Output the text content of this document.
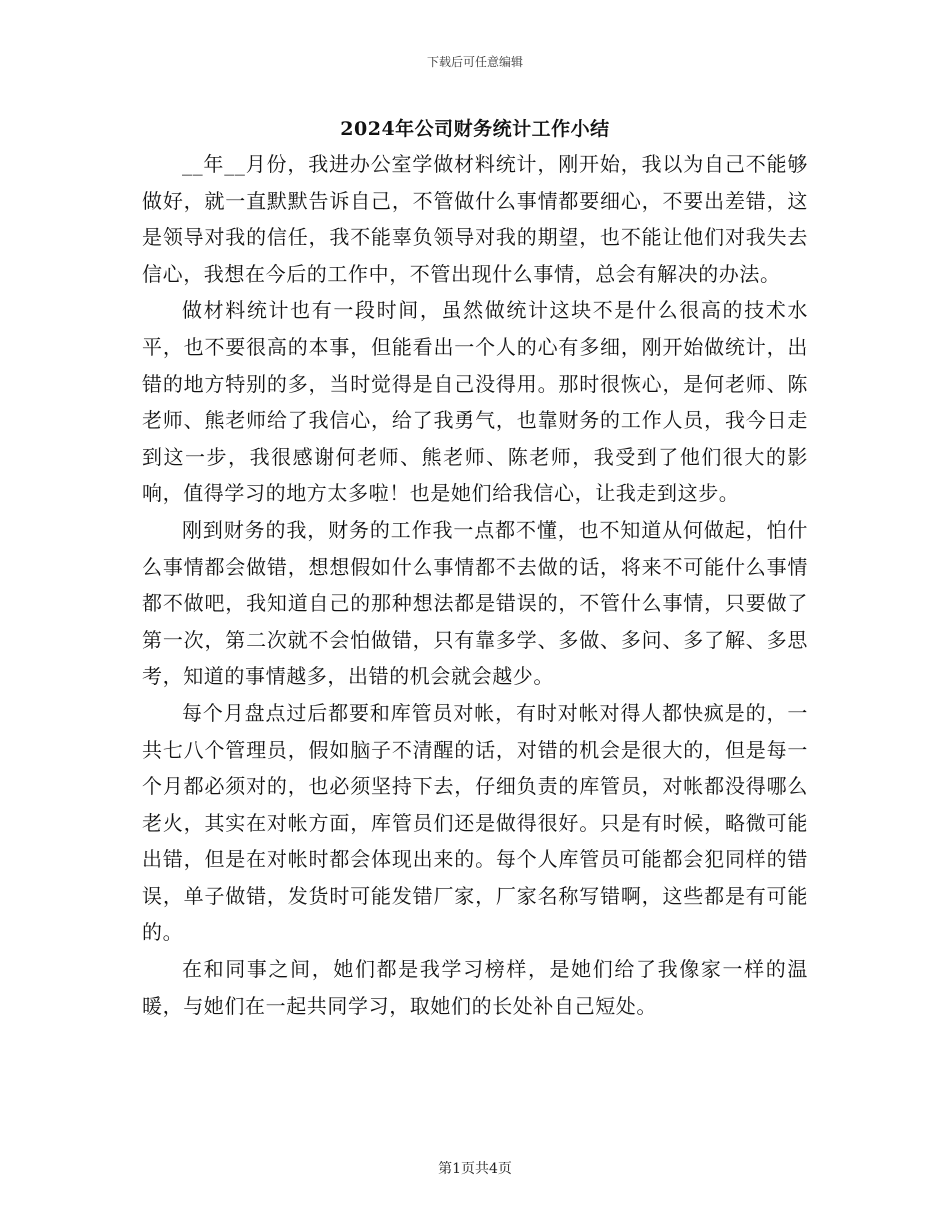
下载后可任意编辑
2024年公司财务统计工作小结

__年__月份，我进办公室学做材料统计，刚开始，我以为自己不能够做好，就一直默默告诉自己，不管做什么事情都要细心，不要出差错，这是领导对我的信任，我不能辜负领导对我的期望，也不能让他们对我失去信心，我想在今后的工作中，不管出现什么事情，总会有解决的办法。

做材料统计也有一段时间，虽然做统计这块不是什么很高的技术水平，也不要很高的本事，但能看出一个人的心有多细，刚开始做统计，出错的地方特别的多，当时觉得是自己没得用。那时很恢心，是何老师、陈老师、熊老师给了我信心，给了我勇气，也靠财务的工作人员，我今日走到这一步，我很感谢何老师、熊老师、陈老师，我受到了他们很大的影响，值得学习的地方太多啦！也是她们给我信心，让我走到这步。

刚到财务的我，财务的工作我一点都不懂，也不知道从何做起，怕什么事情都会做错，想想假如什么事情都不去做的话，将来不可能什么事情都不做吧，我知道自己的那种想法都是错误的，不管什么事情，只要做了第一次，第二次就不会怕做错，只有靠多学、多做、多问、多了解、多思考，知道的事情越多，出错的机会就会越少。

每个月盘点过后都要和库管员对帐，有时对帐对得人都快疯是的，一共七八个管理员，假如脑子不清醒的话，对错的机会是很大的，但是每一个月都必须对的，也必须坚持下去，仔细负责的库管员，对帐都没得哪么老火，其实在对帐方面，库管员们还是做得很好。只是有时候，略微可能出错，但是在对帐时都会体现出来的。每个人库管员可能都会犯同样的错误，单子做错，发货时可能发错厂家，厂家名称写错啊，这些都是有可能的。

在和同事之间，她们都是我学习榜样，是她们给了我像家一样的温暖，与她们在一起共同学习，取她们的长处补自己短处。

第1页共4页
